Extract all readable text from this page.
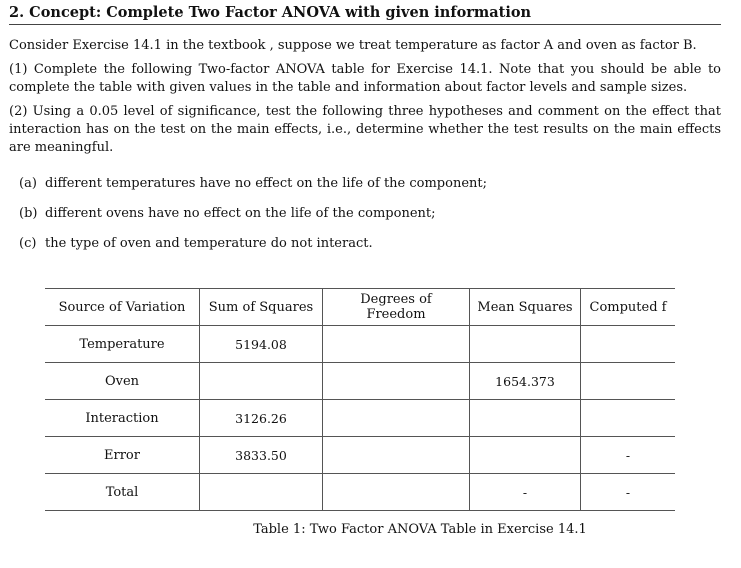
2. Concept: Complete Two Factor ANOVA with given information

Consider Exercise 14.1 in the textbook , suppose we treat temperature as factor A and oven as factor B.

(1) Complete the following Two-factor ANOVA table for Exercise 14.1. Note that you should be able to complete the table with given values in the table and information about factor levels and sample sizes.

(2) Using a 0.05 level of significance, test the following three hypotheses and comment on the effect that interaction has on the test on the main effects, i.e., determine whether the test results on the main effects are meaningful.

(a) different temperatures have no effect on the life of the component;
(b) different ovens have no effect on the life of the component;
(c) the type of oven and temperature do not interact.
Source of Variation	Sum of Squares	Degrees of Freedom	Mean Squares	Computed f
Temperature	5194.08			
Oven			1654.373	
Interaction	3126.26			
Error	3833.50			-
Total			-	-
Table 1: Two Factor ANOVA Table in Exercise 14.1
